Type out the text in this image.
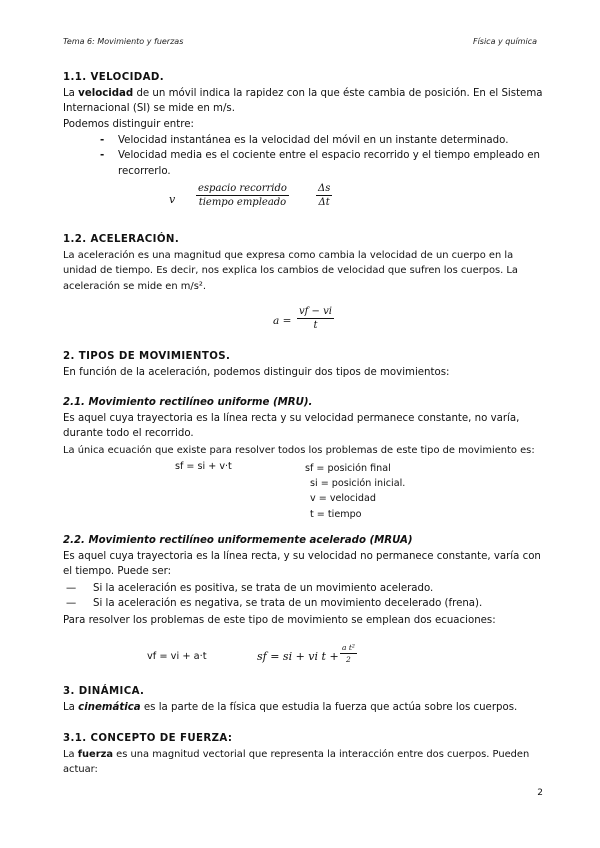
Tema 6: Movimiento y fuerzas	Física y química
1.1. VELOCIDAD.
La velocidad de un móvil indica la rapidez con la que éste cambia de posición. En el Sistema
Internacional (SI) se mide en m/s.
Podemos distinguir entre:
- Velocidad instantánea es la velocidad del móvil en un instante determinado.
- Velocidad media es el cociente entre el espacio recorrido y el tiempo empleado en recorrerlo.
v
espacio recorrido
tiempo empleado	$\frac{\Delta s}{\Delta t}$
1.2. ACELERACIÓN.
La aceleración es una magnitud que expresa como cambia la velocidad de un cuerpo en la unidad de tiempo. Es decir, nos explica los cambios de velocidad que sufren los cuerpos. La aceleración se mide en m/s².
$a = \frac{vf - vi}{t}$
2. TIPOS DE MOVIMIENTOS.
En función de la aceleración, podemos distinguir dos tipos de movimientos:
2.1. Movimiento rectilíneo uniforme (MRU).
Es aquel cuya trayectoria es la línea recta y su velocidad permanece constante, no varía, durante todo el recorrido.
La única ecuación que existe para resolver todos los problemas de este tipo de movimiento es:
sf = si + v·t	sf = posición final
si = posición inicial.
v = velocidad
t = tiempo
2.2. Movimiento rectilíneo uniformemente acelerado (MRUA)
Es aquel cuya trayectoria es la línea recta, y su velocidad no permanece constante, varía con el tiempo. Puede ser:
— Si la aceleración es positiva, se trata de un movimiento acelerado.
— Si la aceleración es negativa, se trata de un movimiento decelerado (frena).
Para resolver los problemas de este tipo de movimiento se emplean dos ecuaciones:
vf = vi + a·t	sf = si + vi $t + \frac{\text{a t²}}{2}$
3. DINÁMICA.
La cinemática es la parte de la física que estudia la fuerza que actúa sobre los cuerpos.
3.1. CONCEPTO DE FUERZA:
La fuerza es una magnitud vectorial que representa la interacción entre dos cuerpos. Pueden actuar:
2
